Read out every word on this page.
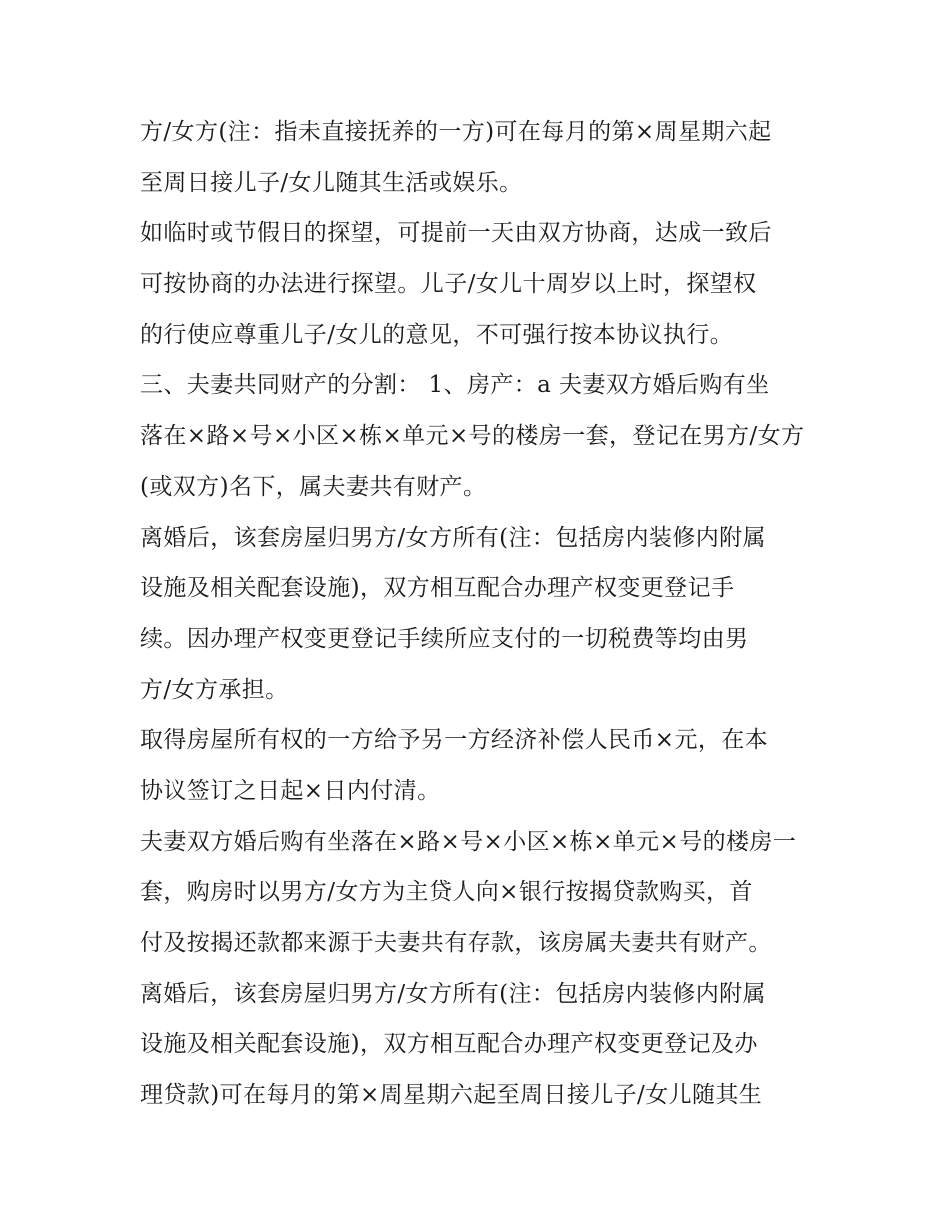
方/女方(注：指未直接抚养的一方)可在每月的第×周星期六起
至周日接儿子/女儿随其生活或娱乐。
如临时或节假日的探望，可提前一天由双方协商，达成一致后
可按协商的办法进行探望。儿子/女儿十周岁以上时，探望权
的行使应尊重儿子/女儿的意见，不可强行按本协议执行。
三、夫妻共同财产的分割： 1、房产：a 夫妻双方婚后购有坐
落在×路×号×小区×栋×单元×号的楼房一套，登记在男方/女方
(或双方)名下，属夫妻共有财产。
离婚后，该套房屋归男方/女方所有(注：包括房内装修内附属
设施及相关配套设施)，双方相互配合办理产权变更登记手
续。因办理产权变更登记手续所应支付的一切税费等均由男
方/女方承担。
取得房屋所有权的一方给予另一方经济补偿人民币×元，在本
协议签订之日起×日内付清。
夫妻双方婚后购有坐落在×路×号×小区×栋×单元×号的楼房一
套，购房时以男方/女方为主贷人向×银行按揭贷款购买，首
付及按揭还款都来源于夫妻共有存款，该房属夫妻共有财产。
离婚后，该套房屋归男方/女方所有(注：包括房内装修内附属
设施及相关配套设施)，双方相互配合办理产权变更登记及办
理贷款)可在每月的第×周星期六起至周日接儿子/女儿随其生
